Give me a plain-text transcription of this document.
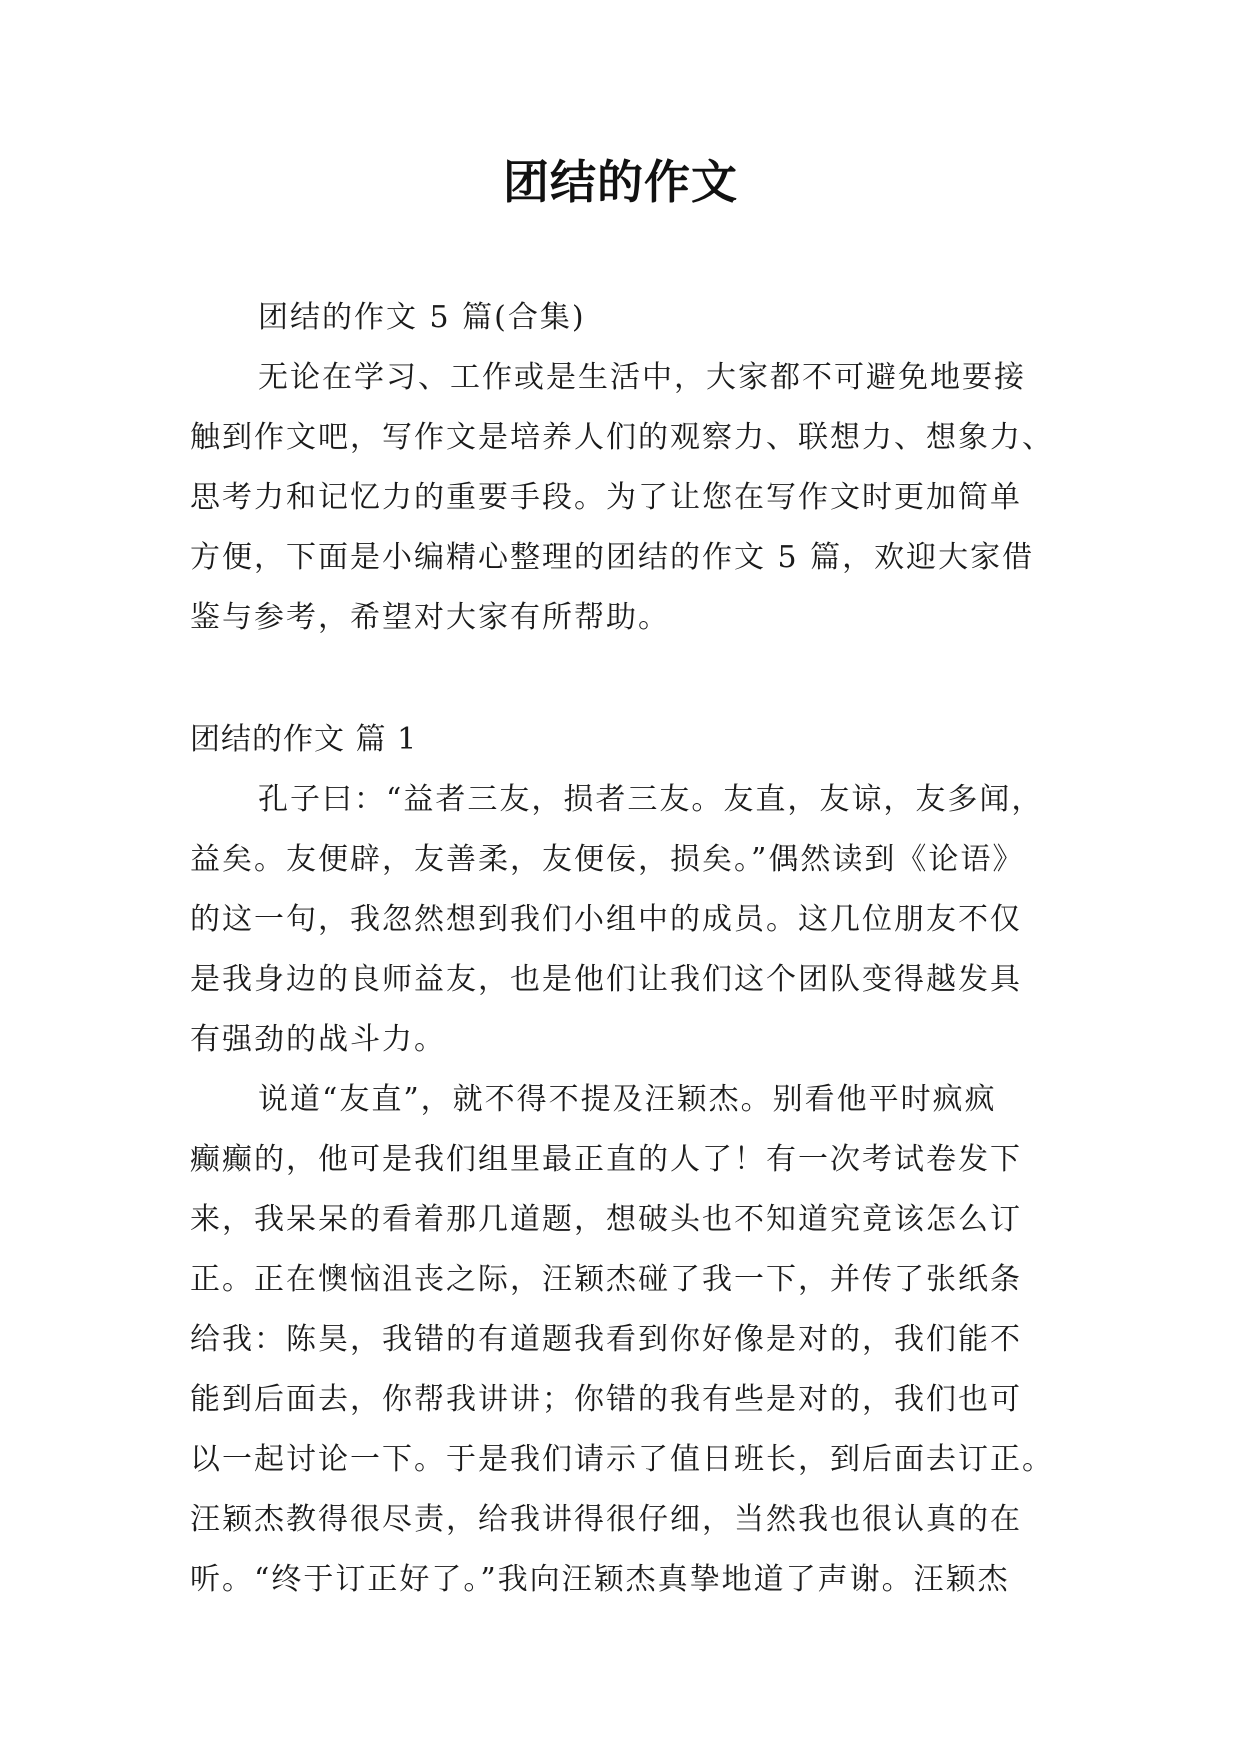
团结的作文
团结的作文 5 篇(合集)
无论在学习、工作或是生活中，大家都不可避免地要接
触到作文吧，写作文是培养人们的观察力、联想力、想象力、
思考力和记忆力的重要手段。为了让您在写作文时更加简单
方便，下面是小编精心整理的团结的作文 5 篇，欢迎大家借
鉴与参考，希望对大家有所帮助。
团结的作文 篇 1
孔子曰：“益者三友，损者三友。友直，友谅，友多闻，
益矣。友便辟，友善柔，友便佞，损矣。”偶然读到《论语》
的这一句，我忽然想到我们小组中的成员。这几位朋友不仅
是我身边的良师益友，也是他们让我们这个团队变得越发具
有强劲的战斗力。
说道“友直”，就不得不提及汪颖杰。别看他平时疯疯
癫癫的，他可是我们组里最正直的人了！有一次考试卷发下
来，我呆呆的看着那几道题，想破头也不知道究竟该怎么订
正。正在懊恼沮丧之际，汪颖杰碰了我一下，并传了张纸条
给我：陈昊，我错的有道题我看到你好像是对的，我们能不
能到后面去，你帮我讲讲；你错的我有些是对的，我们也可
以一起讨论一下。于是我们请示了值日班长，到后面去订正。
汪颖杰教得很尽责，给我讲得很仔细，当然我也很认真的在
听。“终于订正好了。”我向汪颖杰真挚地道了声谢。汪颖杰
